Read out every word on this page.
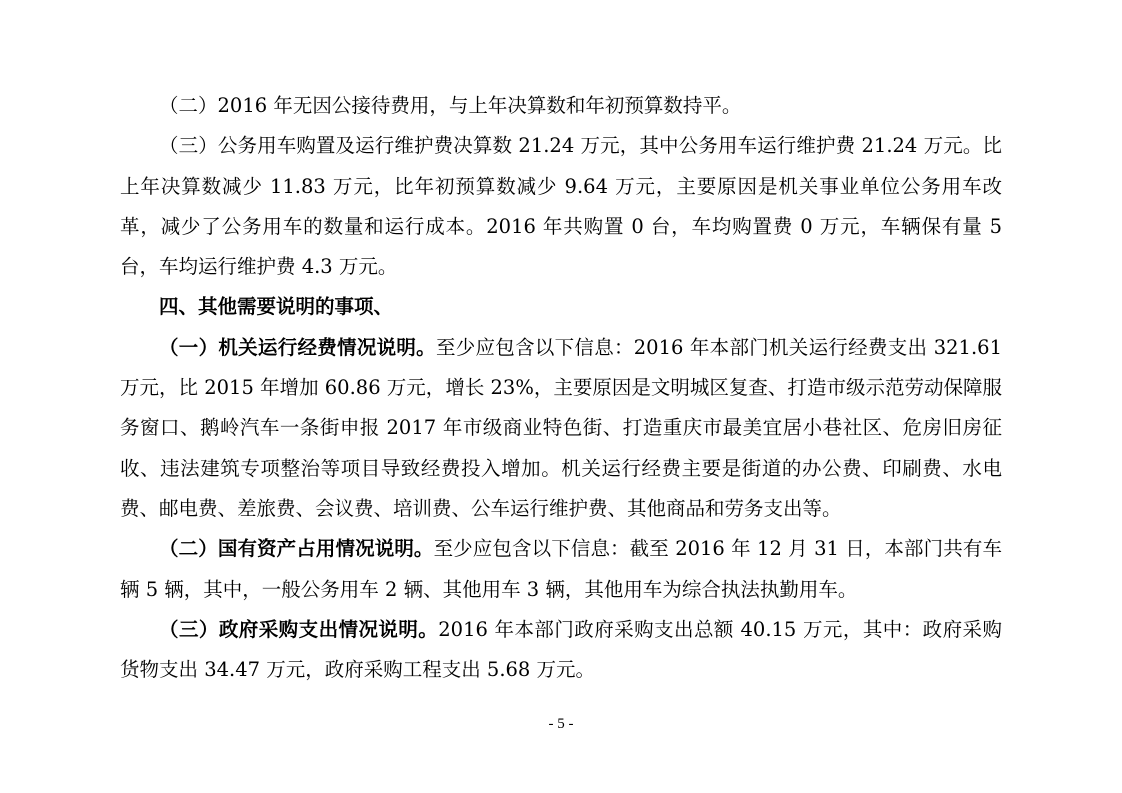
（二）2016 年无因公接待费用，与上年决算数和年初预算数持平。

（三）公务用车购置及运行维护费决算数 21.24 万元，其中公务用车运行维护费 21.24 万元。比上年决算数减少 11.83 万元，比年初预算数减少 9.64 万元，主要原因是机关事业单位公务用车改革，减少了公务用车的数量和运行成本。2016 年共购置 0 台，车均购置费 0 万元，车辆保有量 5 台，车均运行维护费 4.3 万元。

四、其他需要说明的事项、

（一）机关运行经费情况说明。至少应包含以下信息：2016 年本部门机关运行经费支出 321.61 万元，比 2015 年增加 60.86 万元，增长 23%，主要原因是文明城区复查、打造市级示范劳动保障服务窗口、鹅岭汽车一条街申报 2017 年市级商业特色街、打造重庆市最美宜居小巷社区、危房旧房征收、违法建筑专项整治等项目导致经费投入增加。机关运行经费主要是街道的办公费、印刷费、水电费、邮电费、差旅费、会议费、培训费、公车运行维护费、其他商品和劳务支出等。

（二）国有资产占用情况说明。至少应包含以下信息：截至 2016 年 12 月 31 日，本部门共有车辆 5 辆，其中，一般公务用车 2 辆、其他用车 3 辆，其他用车为综合执法执勤用车。

（三）政府采购支出情况说明。2016 年本部门政府采购支出总额 40.15 万元，其中：政府采购货物支出 34.47 万元，政府采购工程支出 5.68 万元。

- 5 -
